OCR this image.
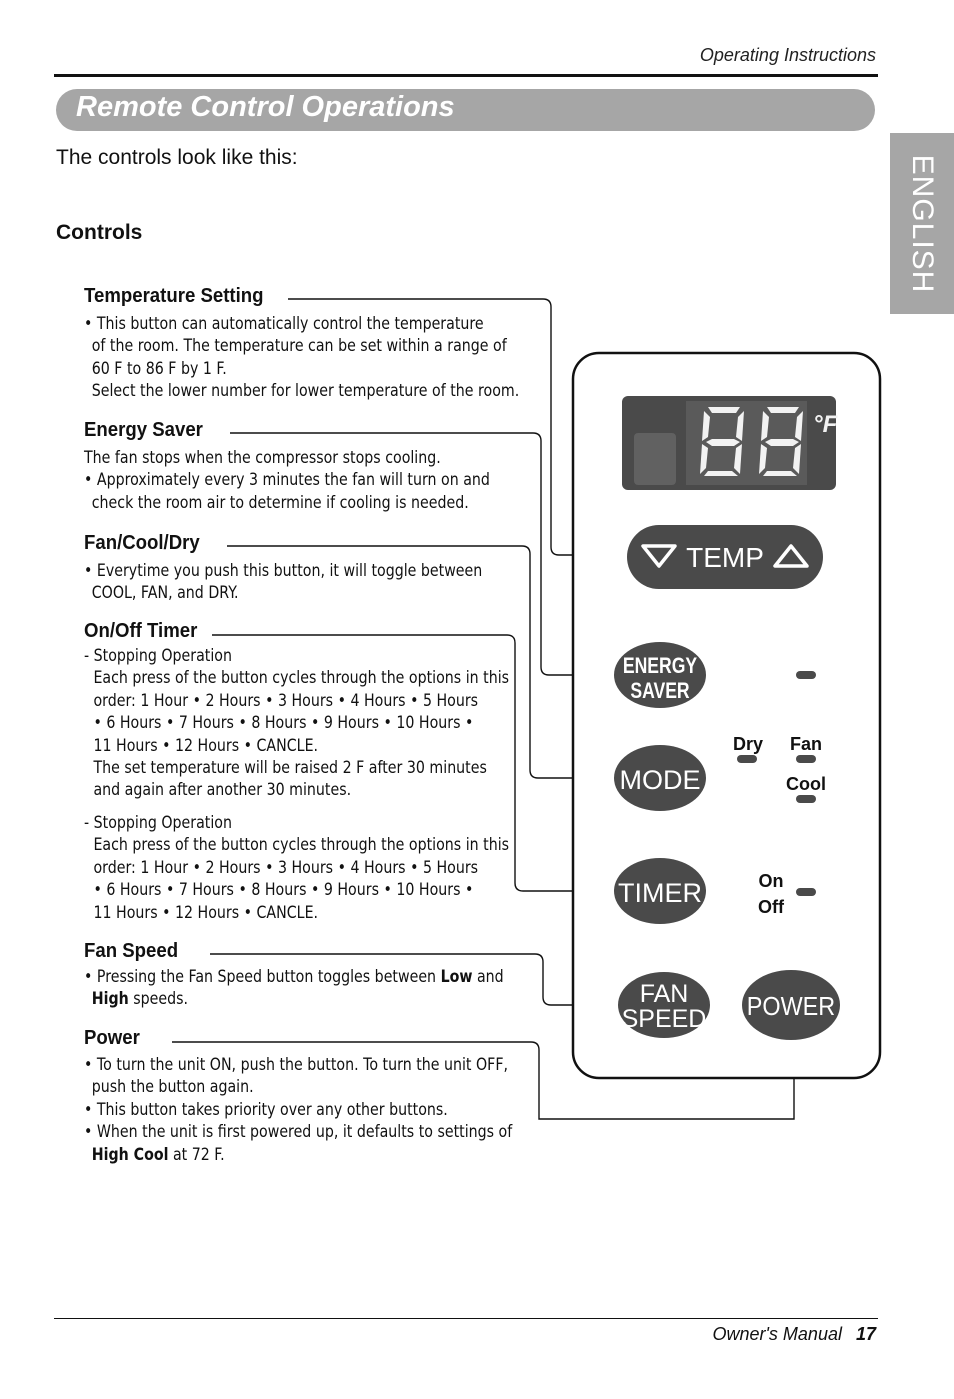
Operating Instructions
Remote Control Operations
ENGLISH
The controls look like this:
Controls
Temperature Setting
• This button can automatically control the temperature
of the room. The temperature can be set within a range of
60 F to 86 F by 1 F.
Select the lower number for lower temperature of the room.
Energy Saver
The fan stops when the compressor stops cooling.
• Approximately every 3 minutes the fan will turn on and
check the room air to determine if cooling is needed.
Fan/Cool/Dry
• Everytime you push this button, it will toggle between
COOL, FAN, and DRY.
On/Off Timer
- Stopping Operation
Each press of the button cycles through the options in this
order: 1 Hour • 2 Hours • 3 Hours • 4 Hours • 5 Hours
• 6 Hours • 7 Hours • 8 Hours • 9 Hours • 10 Hours •
11 Hours • 12 Hours • CANCLE.
The set temperature will be raised 2 F after 30 minutes
and again after another 30 minutes.
- Stopping Operation
Each press of the button cycles through the options in this
order: 1 Hour • 2 Hours • 3 Hours • 4 Hours • 5 Hours
• 6 Hours • 7 Hours • 8 Hours • 9 Hours • 10 Hours •
11 Hours • 12 Hours • CANCLE.
Fan Speed
• Pressing the Fan Speed button toggles between Low and
High speeds.
Power
• To turn the unit ON, push the button. To turn the unit OFF,
push the button again.
• This button takes priority over any other buttons.
• When the unit is first powered up, it defaults to settings of
High Cool at 72 F.
°F
TEMP
ENERGY
SAVER
MODE
Dry Fan
Cool
TIMER	On
Off
FAN
SPEED POWER
Owner's Manual 17
